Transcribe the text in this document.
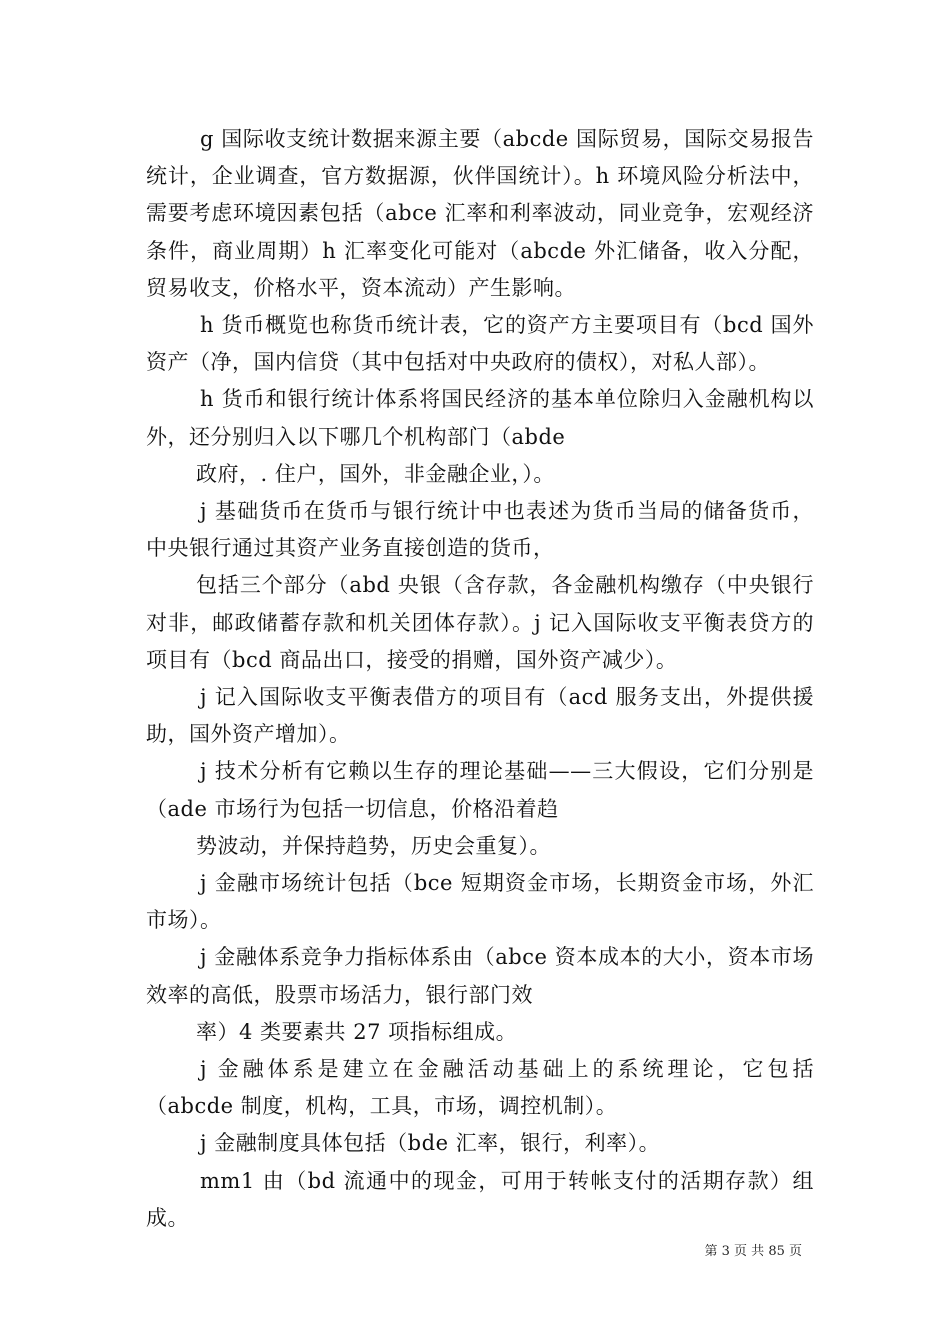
g 国际收支统计数据来源主要（abcde 国际贸易，国际交易报告统计，企业调查，官方数据源，伙伴国统计）。h 环境风险分析法中，需要考虑环境因素包括（abce 汇率和利率波动，同业竞争，宏观经济条件，商业周期）h 汇率变化可能对（abcde 外汇储备，收入分配，贸易收支，价格水平，资本流动）产生影响。

h 货币概览也称货币统计表，它的资产方主要项目有（bcd 国外资产（净，国内信贷（其中包括对中央政府的债权），对私人部）。

h 货币和银行统计体系将国民经济的基本单位除归入金融机构以外，还分别归入以下哪几个机构部门（abde

政府，. 住户，国外，非金融企业，）。

j 基础货币在货币与银行统计中也表述为货币当局的储备货币，中央银行通过其资产业务直接创造的货币，

包括三个部分（abd 央银（含存款，各金融机构缴存（中央银行对非，邮政储蓄存款和机关团体存款）。j 记入国际收支平衡表贷方的项目有（bcd 商品出口，接受的捐赠，国外资产减少）。

j 记入国际收支平衡表借方的项目有（acd 服务支出，外提供援助，国外资产增加）。

j 技术分析有它赖以生存的理论基础——三大假设，它们分别是（ade 市场行为包括一切信息，价格沿着趋

势波动，并保持趋势，历史会重复）。

j 金融市场统计包括（bce 短期资金市场，长期资金市场，外汇市场）。

j 金融体系竞争力指标体系由（abce 资本成本的大小，资本市场效率的高低，股票市场活力，银行部门效

率）4 类要素共 27 项指标组成。

j 金融体系是建立在金融活动基础上的系统理论，它包括（abcde 制度，机构，工具，市场，调控机制）。

j 金融制度具体包括（bde 汇率，银行，利率）。

mm1 由（bd 流通中的现金，可用于转帐支付的活期存款）组成。

第 3 页 共 85 页
